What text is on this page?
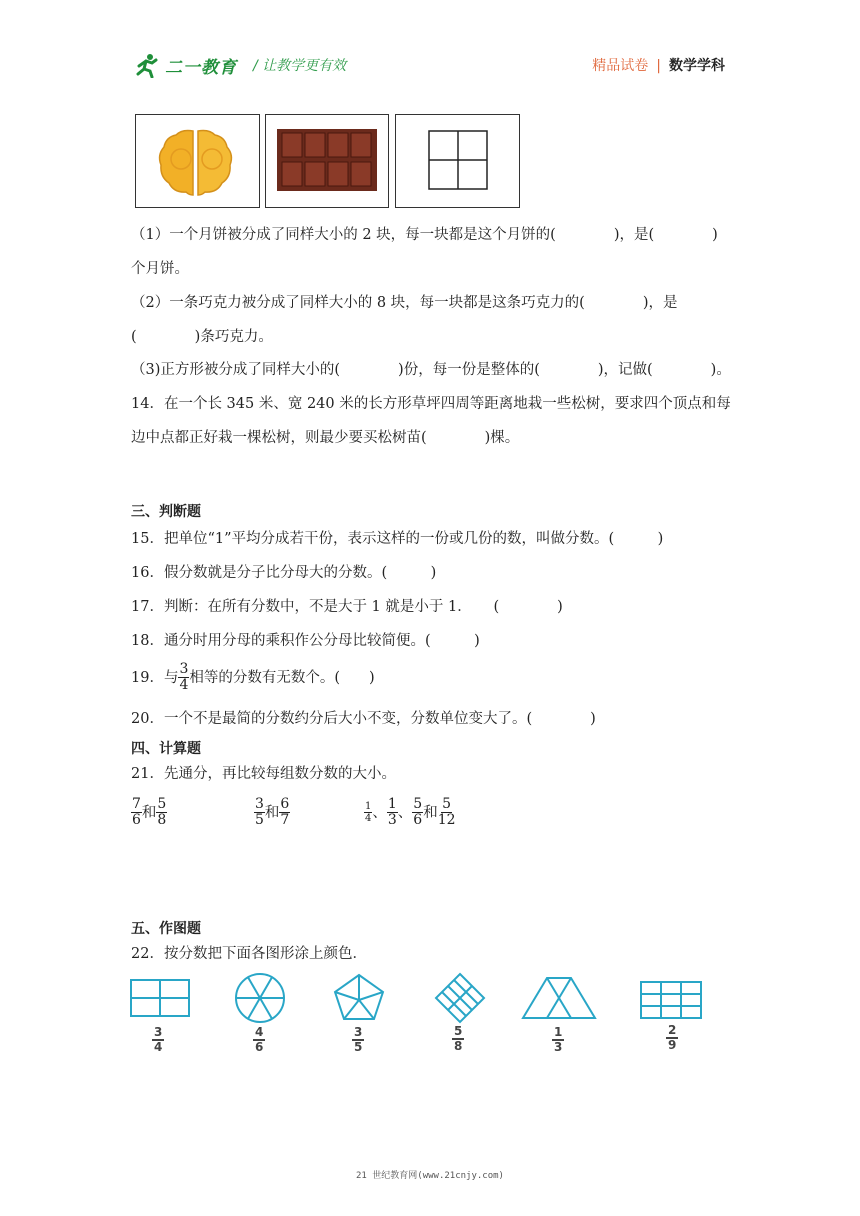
二一教育 / 让教学更有效	精品试卷 | 数学学科
（1）一个月饼被分成了同样大小的 2 块，每一块都是这个月饼的(　　　　)，是(　　　　)
个月饼。
（2）一条巧克力被分成了同样大小的 8 块，每一块都是这条巧克力的(　　　　)，是
(　　　　)条巧克力。
（3)正方形被分成了同样大小的(　　　　)份，每一份是整体的(　　　　)，记做(　　　　)。
14．在一个长 345 米、宽 240 米的长方形草坪四周等距离地栽一些松树，要求四个顶点和每
边中点都正好栽一棵松树，则最少要买松树苗(　　　　)棵。
三、判断题
15．把单位“1”平均分成若干份，表示这样的一份或几份的数，叫做分数。(　　　)
16．假分数就是分子比分母大的分数。(　　　)
17．判断：在所有分数中，不是大于 1 就是小于 1．　　(　　　　)
18．通分时用分母的乘积作公分母比较简便。(　　　)
19．与 $\frac{3}{4}$ 相等的分数有无数个。(　　)
20．一个不是最简的分数约分后大小不变，分数单位变大了。(　　　　)
四、计算题
21．先通分，再比较每组数分数的大小。
$\frac{7}{6}$ 和 $\frac{5}{8}$	$\frac{3}{5}$ 和 $\frac{6}{7}$	$\frac{1}{4}$ 、 $\frac{1}{3}$ 、 $\frac{5}{6}$ 和 $\frac{5}{12}$
五、作图题
22．按分数把下面各图形涂上颜色．
$\frac{3}{4}$	$\frac{4}{6}$	$\frac{3}{5}$	$\frac{5}{8}$	$\frac{1}{3}$	$\frac{2}{9}$
21 世纪教育网(www.21cnjy.com)
